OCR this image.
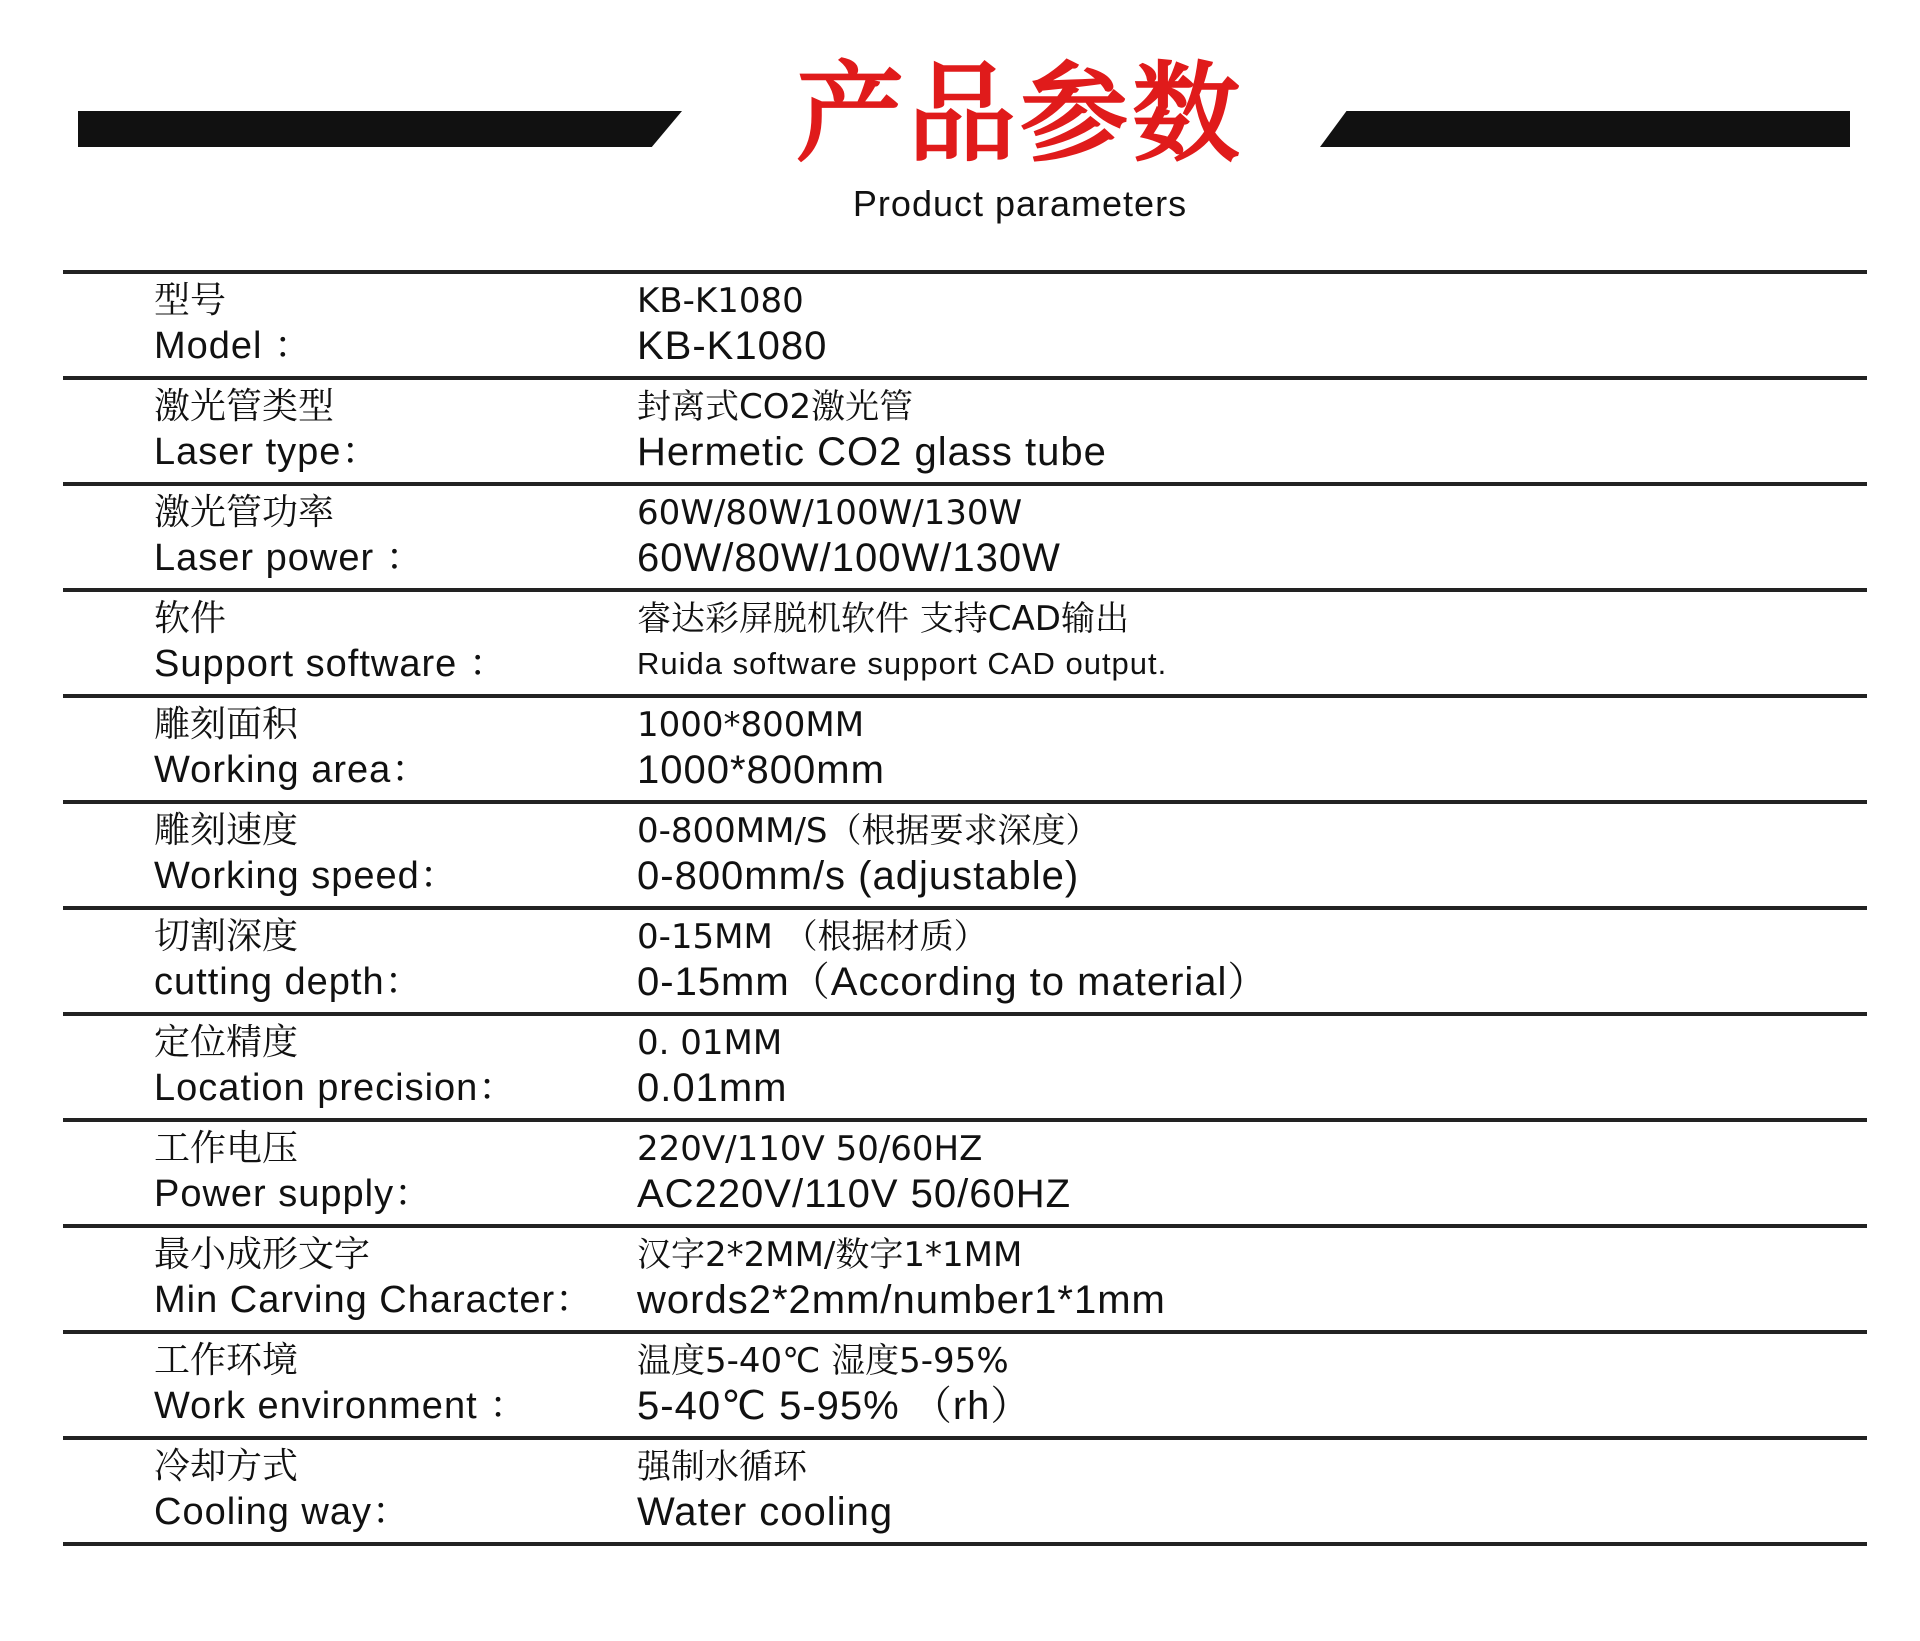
产品参数
Product parameters
型号
Model ：
KB-K1080
KB-K1080
激光管类型
Laser type：
封离式CO2激光管
Hermetic CO2 glass tube
激光管功率
Laser power ：
60W/80W/100W/130W
60W/80W/100W/130W
软件
Support software ：
睿达彩屏脱机软件 支持CAD输出
Ruida software support CAD output.
雕刻面积
Working area：
1000*800MM
1000*800mm
雕刻速度
Working speed：
0-800MM/S（根据要求深度）
0-800mm/s (adjustable)
切割深度
cutting depth：
0-15MM （根据材质）
0-15mm（According to material）
定位精度
Location precision：
0. 01MM
0.01mm
工作电压
Power supply：
220V/110V 50/60HZ
AC220V/110V 50/60HZ
最小成形文字
Min Carving Character：
汉字2*2MM/数字1*1MM
words2*2mm/number1*1mm
工作环境
Work environment ：
温度5-40℃ 湿度5-95%
5-40℃ 5-95% （rh）
冷却方式
Cooling way：
强制水循环
Water cooling
